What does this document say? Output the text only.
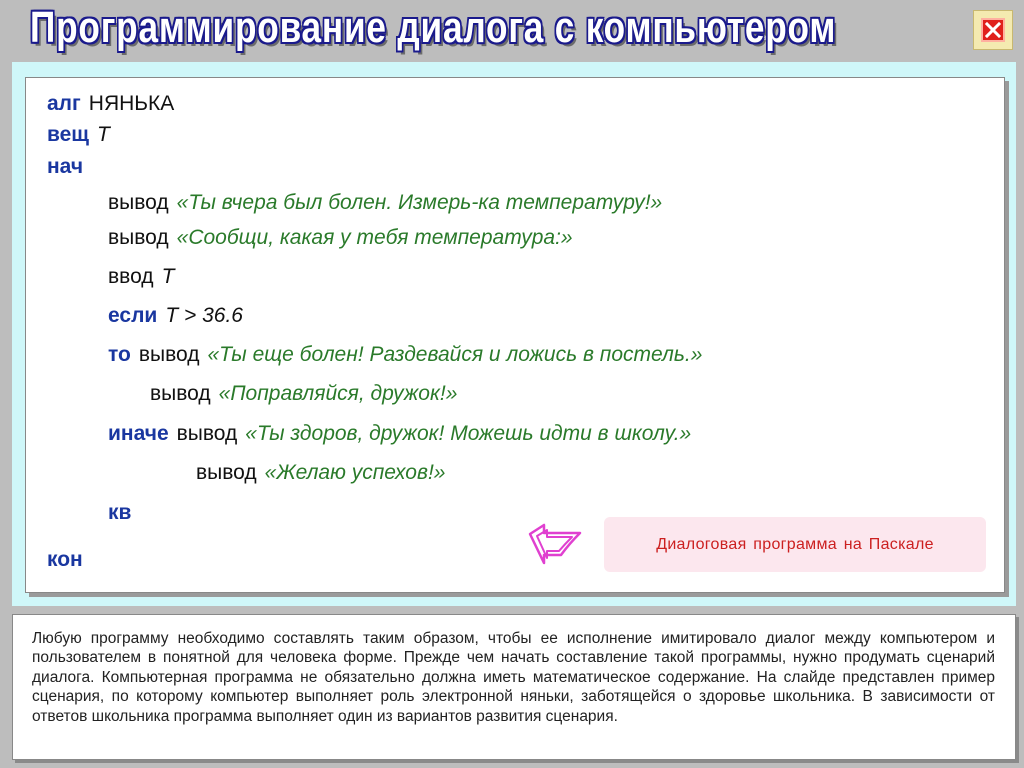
Программирование диалога с компьютером
алг НЯНЬКА
вещ T
нач
вывод «Ты вчера был болен. Измерь-ка температуру!»
вывод «Сообщи, какая у тебя температура:»
ввод T
если T > 36.6
то вывод «Ты еще болен! Раздевайся и ложись в постель.»
вывод «Поправляйся, дружок!»
иначе вывод «Ты здоров, дружок! Можешь идти в школу.»
вывод «Желаю успехов!»
кв
кон
Диалоговая программа на Паскале
Любую программу необходимо составлять таким образом, чтобы ее исполнение имитировало диалог между компьютером и пользователем в понятной для человека форме. Прежде чем начать составление такой программы, нужно продумать сценарий диалога. Компьютерная программа не обязательно должна иметь математическое содержание. На слайде представлен пример сценария, по которому компьютер выполняет роль электронной няньки, заботящейся о здоровье школьника. В зависимости от ответов школьника программа выполняет один из вариантов развития сценария.
